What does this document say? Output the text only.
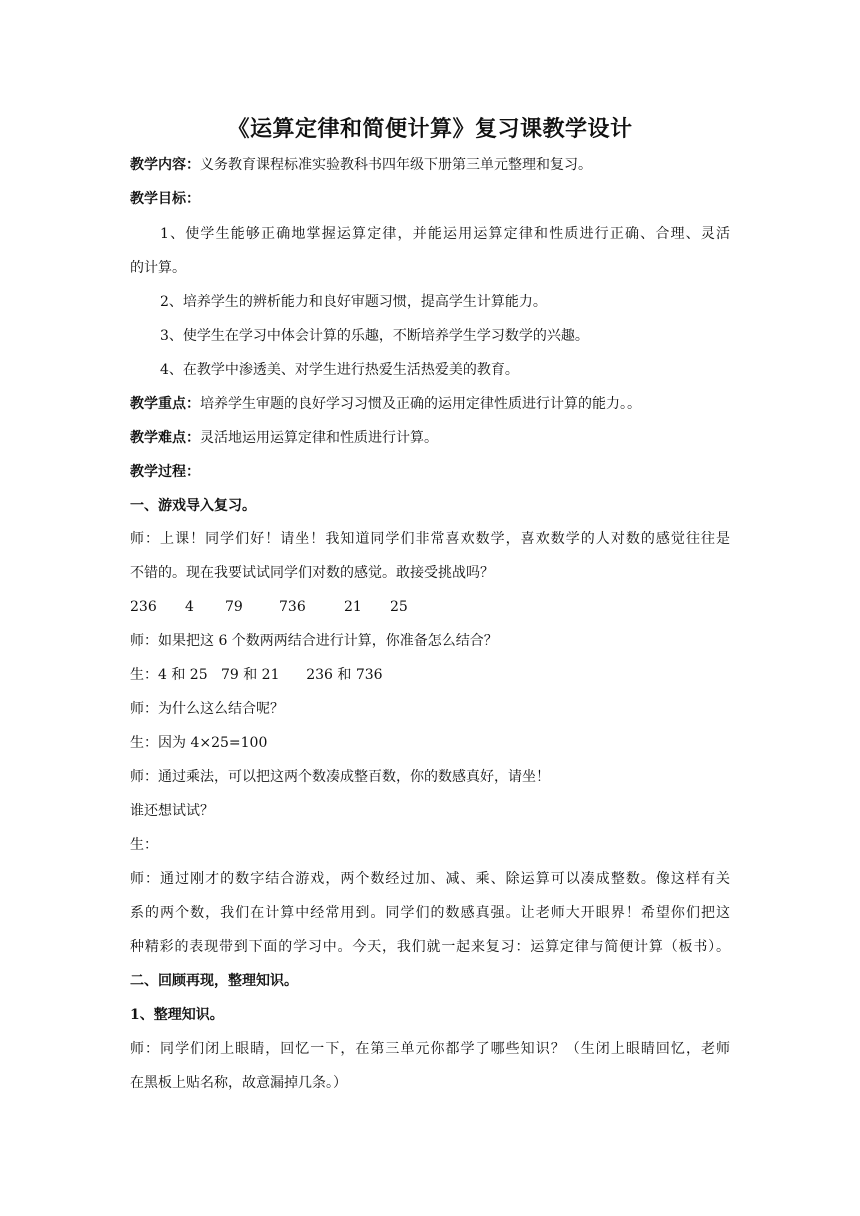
《运算定律和简便计算》复习课教学设计
教学内容：义务教育课程标准实验教科书四年级下册第三单元整理和复习。
教学目标：
1、使学生能够正确地掌握运算定律，并能运用运算定律和性质进行正确、合理、灵活
的计算。
2、培养学生的辨析能力和良好审题习惯，提高学生计算能力。
3、使学生在学习中体会计算的乐趣，不断培养学生学习数学的兴趣。
4、在教学中渗透美、对学生进行热爱生活热爱美的教育。
教学重点：培养学生审题的良好学习习惯及正确的运用定律性质进行计算的能力。。
教学难点：灵活地运用运算定律和性质进行计算。
教学过程：
一、游戏导入复习。
师：上课！同学们好！请坐！我知道同学们非常喜欢数学，喜欢数学的人对数的感觉往往是
不错的。现在我要试试同学们对数的感觉。敢接受挑战吗？
236 4 79	736	21 25
师：如果把这 6 个数两两结合进行计算，你准备怎么结合？
生：4 和 25   79 和 21      236 和 736
师：为什么这么结合呢？
生：因为 4×25=100
师：通过乘法，可以把这两个数凑成整百数，你的数感真好，请坐！
谁还想试试？
生：
师：通过刚才的数字结合游戏，两个数经过加、减、乘、除运算可以凑成整数。像这样有关
系的两个数，我们在计算中经常用到。同学们的数感真强。让老师大开眼界！希望你们把这
种精彩的表现带到下面的学习中。今天，我们就一起来复习：运算定律与简便计算（板书）。
二、回顾再现，整理知识。
1、整理知识。
师：同学们闭上眼睛，回忆一下，在第三单元你都学了哪些知识？（生闭上眼睛回忆，老师
在黑板上贴名称，故意漏掉几条。）
